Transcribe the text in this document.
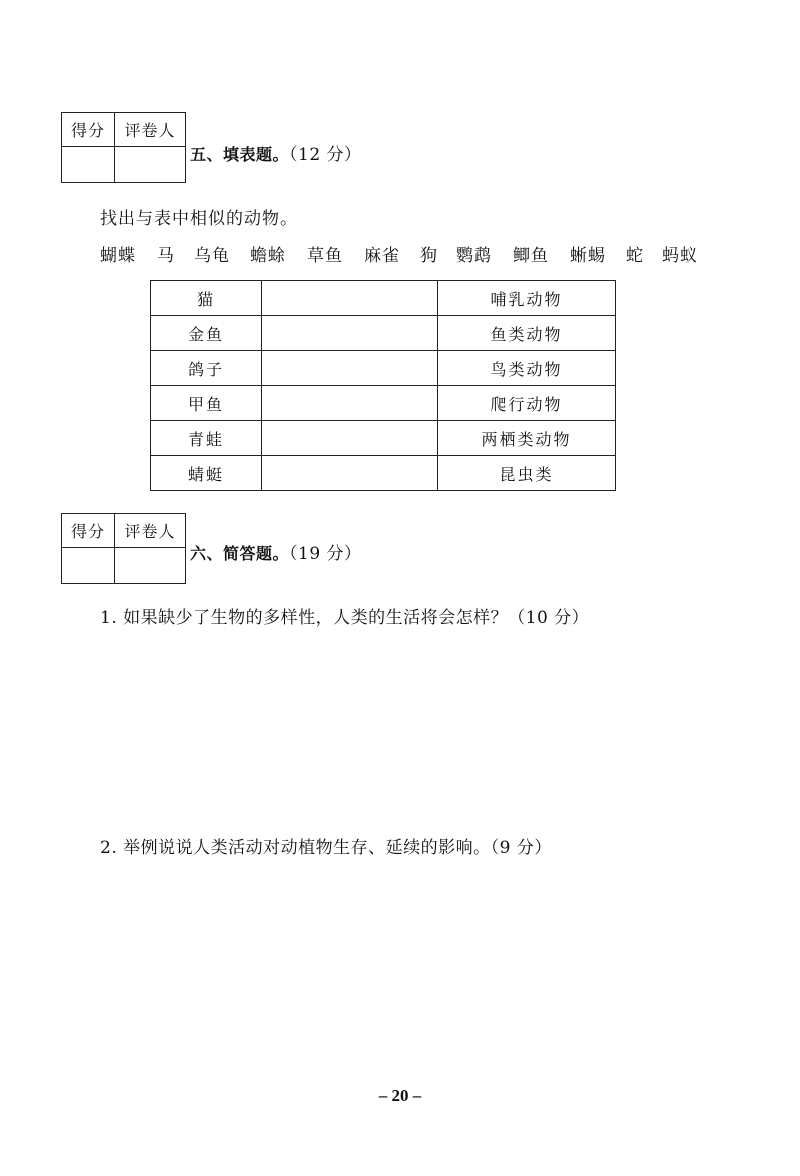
得分	评卷人

五、填表题。（12 分）
找出与表中相似的动物。
蝴蝶 马 乌龟 蟾蜍 草鱼 麻雀 狗 鹦鹉 鲫鱼 蜥蜴 蛇 蚂蚁
猫		哺乳动物
金鱼		鱼类动物
鸽子		鸟类动物
甲鱼		爬行动物
青蛙		两栖类动物
蜻蜓		昆虫类
得分	评卷人

六、简答题。（19 分）
1. 如果缺少了生物的多样性，人类的生活将会怎样？（10 分）
2. 举例说说人类活动对动植物生存、延续的影响。（9 分）
– 20 –
